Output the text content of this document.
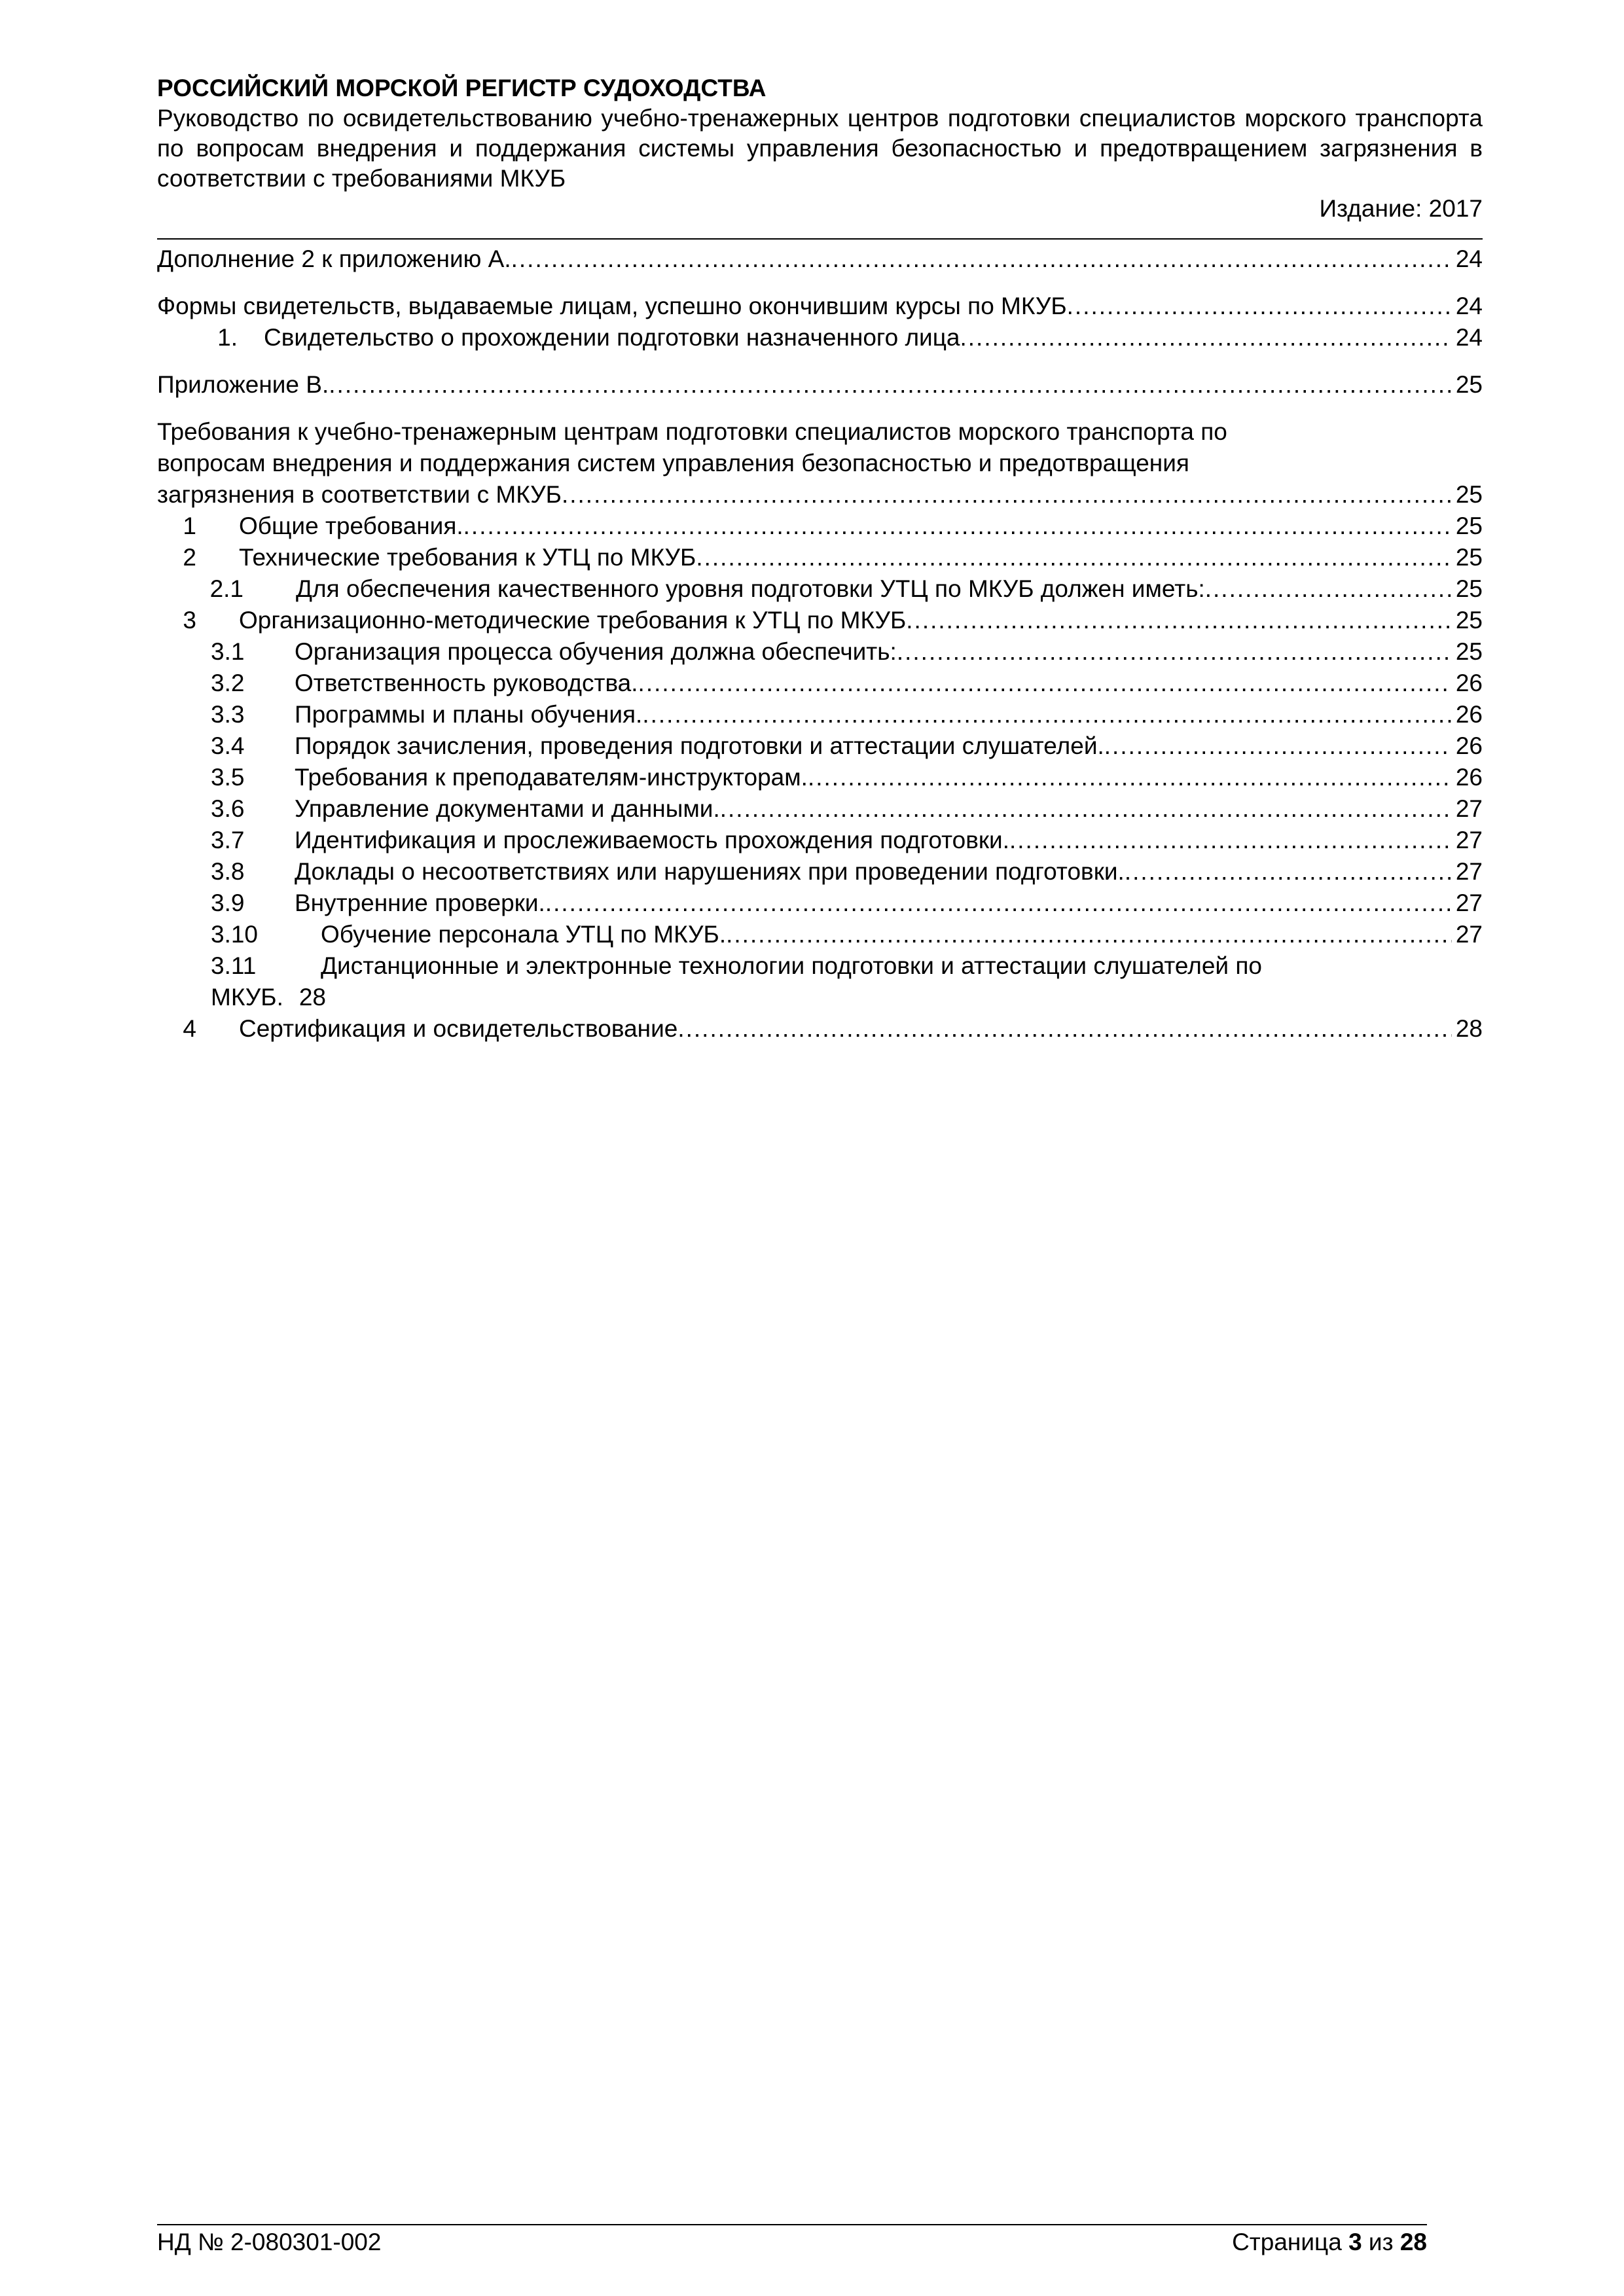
РОССИЙСКИЙ МОРСКОЙ РЕГИСТР СУДОХОДСТВА
Руководство по освидетельствованию учебно-тренажерных центров подготовки специалистов морского транспорта по вопросам внедрения и поддержания системы управления безопасностью и предотвращением загрязнения в соответствии с требованиями МКУБ
Издание: 2017
Дополнение 2 к приложению А. .....	24
Формы свидетельств, выдаваемые лицам, успешно окончившим курсы по МКУБ .....	24
1.	Свидетельство о прохождении подготовки назначенного лица .....	24
Приложение В. .....	25
Требования к учебно-тренажерным центрам подготовки специалистов морского транспорта по
вопросам внедрения и поддержания систем управления безопасностью и предотвращения
загрязнения в соответствии с МКУБ .....	25
1	Общие требования. .....	25
2	Технические требования к УТЦ по МКУБ .....	25
2.1	Для обеспечения качественного уровня подготовки УТЦ по МКУБ должен иметь: .....	25
3	Организационно-методические требования к УТЦ по МКУБ .....	25
3.1	Организация процесса обучения должна обеспечить: .....	25
3.2	Ответственность руководства. .....	26
3.3	Программы и планы обучения. .....	26
3.4	Порядок зачисления, проведения подготовки и аттестации слушателей. .....	26
3.5	Требования к преподавателям-инструкторам. .....	26
3.6	Управление документами и данными. .....	27
3.7	Идентификация и прослеживаемость прохождения подготовки. .....	27
3.8	Доклады о несоответствиях или нарушениях при проведении подготовки. .....	27
3.9	Внутренние проверки. .....	27
3.10	Обучение персонала УТЦ по МКУБ. .....	27
3.11	Дистанционные и электронные технологии подготовки и аттестации слушателей по
МКУБ. 28
4	Сертификация и освидетельствование .....	28
НД № 2-080301-002	Страница 3 из 28
